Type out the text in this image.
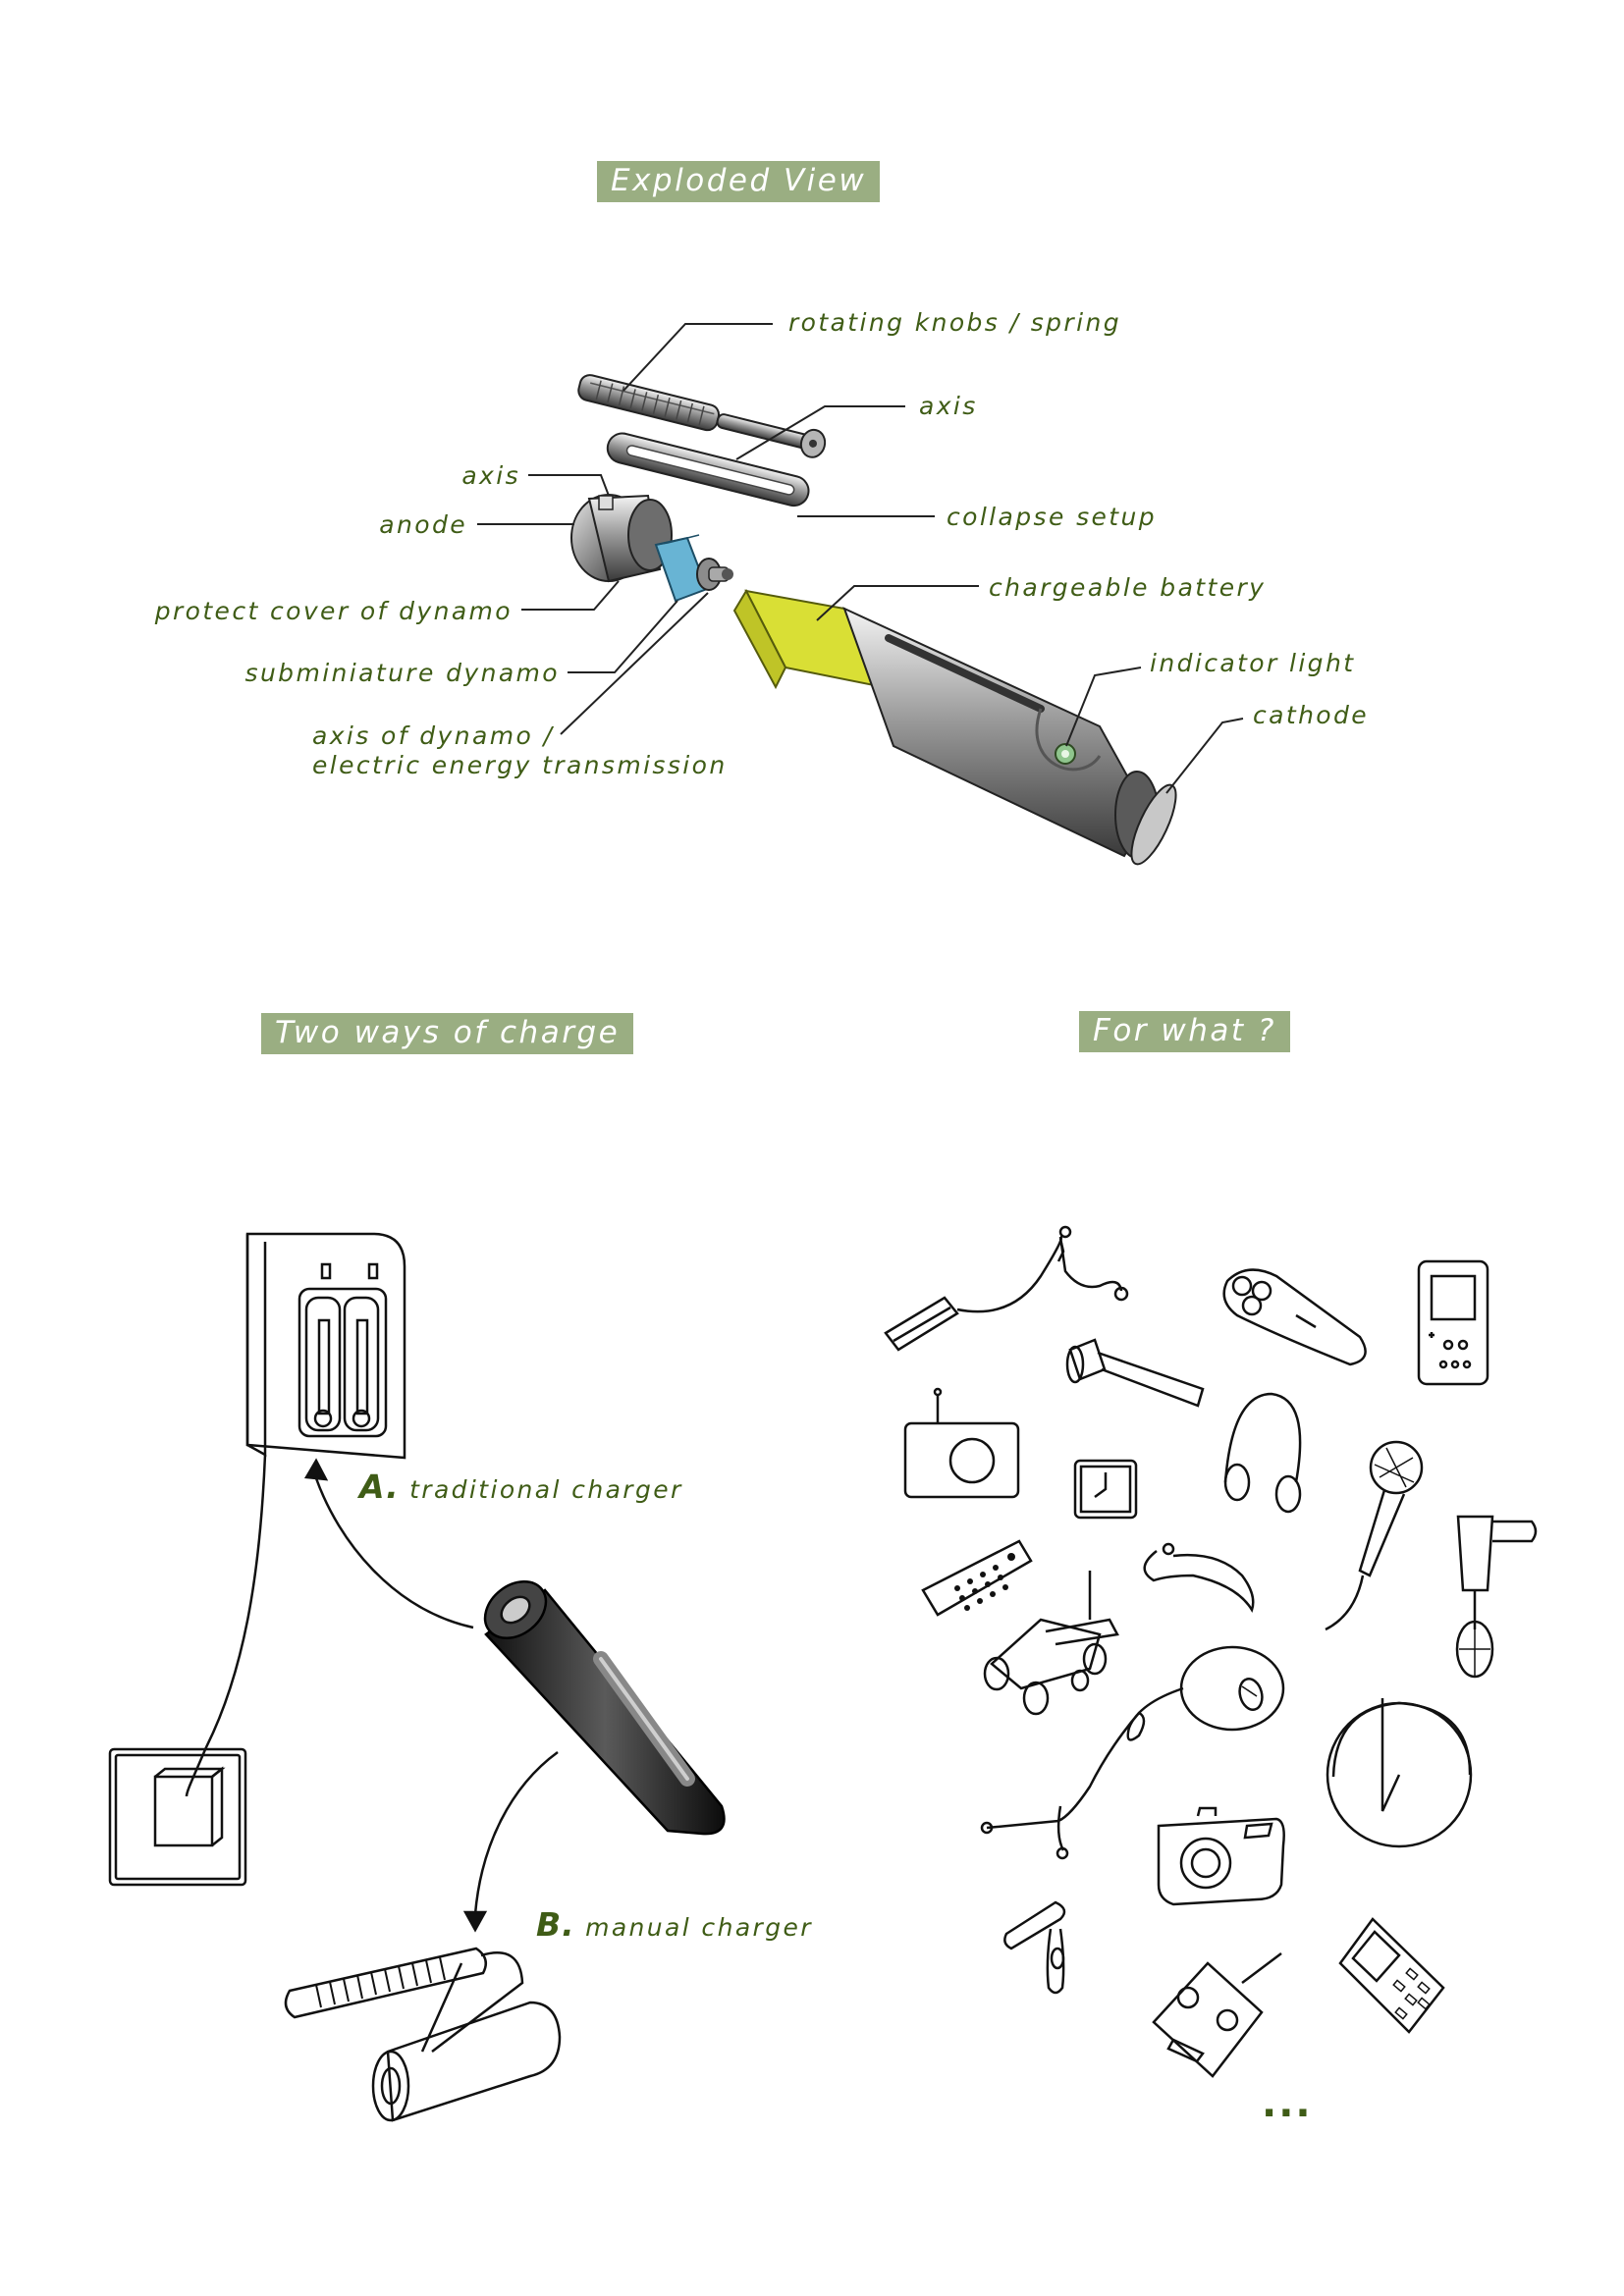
Exploded View
Two ways of charge	For what ?
rotating knobs / spring
axis
collapse setup
chargeable battery
indicator light
cathode
axis
anode
protect cover of dynamo
subminiature dynamo
axis of dynamo /
electric energy transmission
A. traditional charger
B. manual charger
...
